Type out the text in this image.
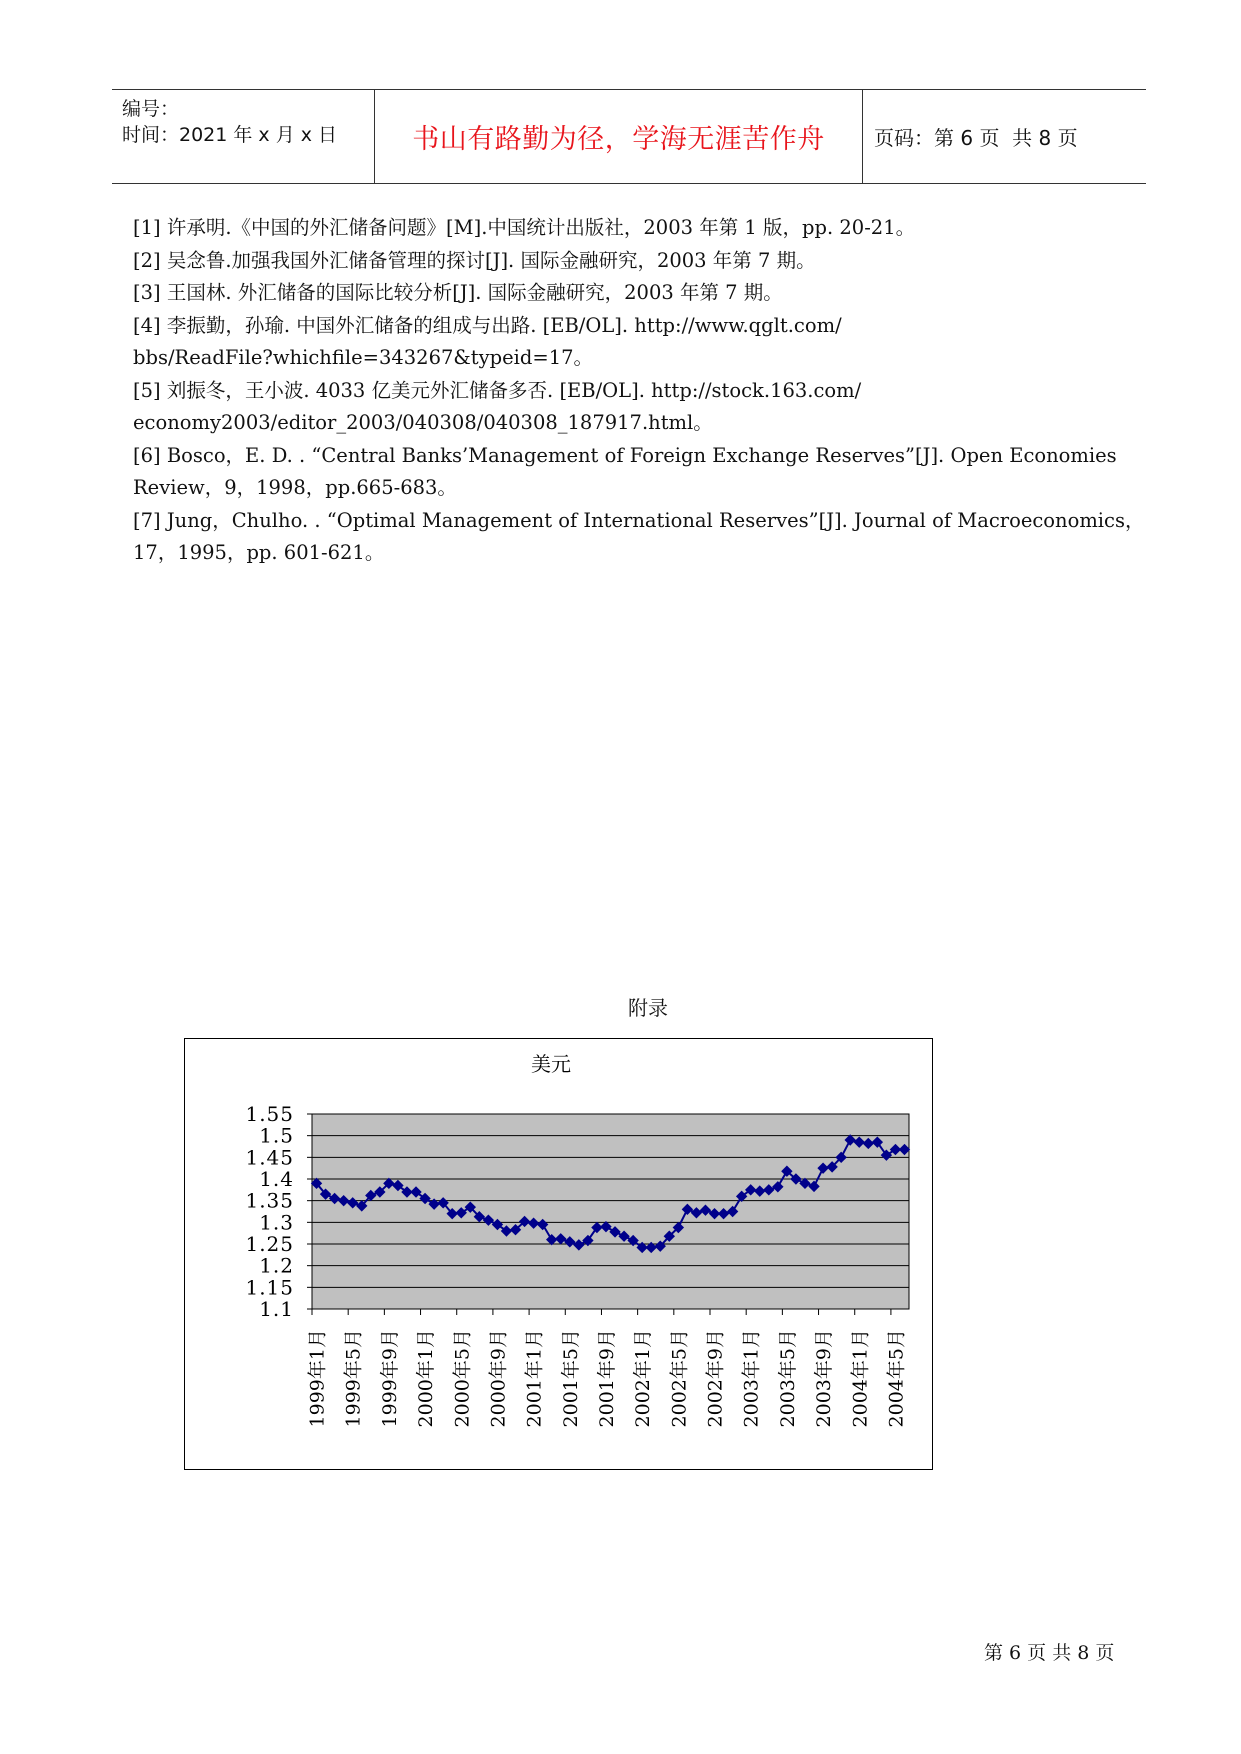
编号：
时间：2021 年 x 月 x 日	书山有路勤为径，学海无涯苦作舟 页码：第 6 页  共 8 页
[1] 许承明.《中国的外汇储备问题》[M].中国统计出版社，2003 年第 1 版，pp. 20-21。
[2] 吴念鲁.加强我国外汇储备管理的探讨[J]. 国际金融研究，2003 年第 7 期。
[3] 王国林. 外汇储备的国际比较分析[J]. 国际金融研究，2003 年第 7 期。
[4] 李振勤，孙瑜. 中国外汇储备的组成与出路. [EB/OL]. http://www.qglt.com/
bbs/ReadFile?whichfile=343267&typeid=17。
[5] 刘振冬，王小波. 4033 亿美元外汇储备多否. [EB/OL]. http://stock.163.com/
economy2003/editor_2003/040308/040308_187917.html。
[6] Bosco，E. D. . “Central Banks’Management of Foreign Exchange Reserves”[J]. Open Economies
Review，9，1998，pp.665-683。
[7] Jung，Chulho. . “Optimal Management of International Reserves”[J]. Journal of Macroeconomics，
17，1995，pp. 601-621。
附录
美元
1.55
1.5
1.45
1.4
1.35
1.3
1.25
1.2
1.15
1.1
1999年1月 1999年5月 1999年9月 2000年1月 2000年5月 2000年9月 2001年1月 2001年5月 2001年9月 2002年1月 2002年5月 2002年9月 2003年1月 2003年5月 2003年9月 2004年1月 2004年5月
第 6 页 共 8 页
